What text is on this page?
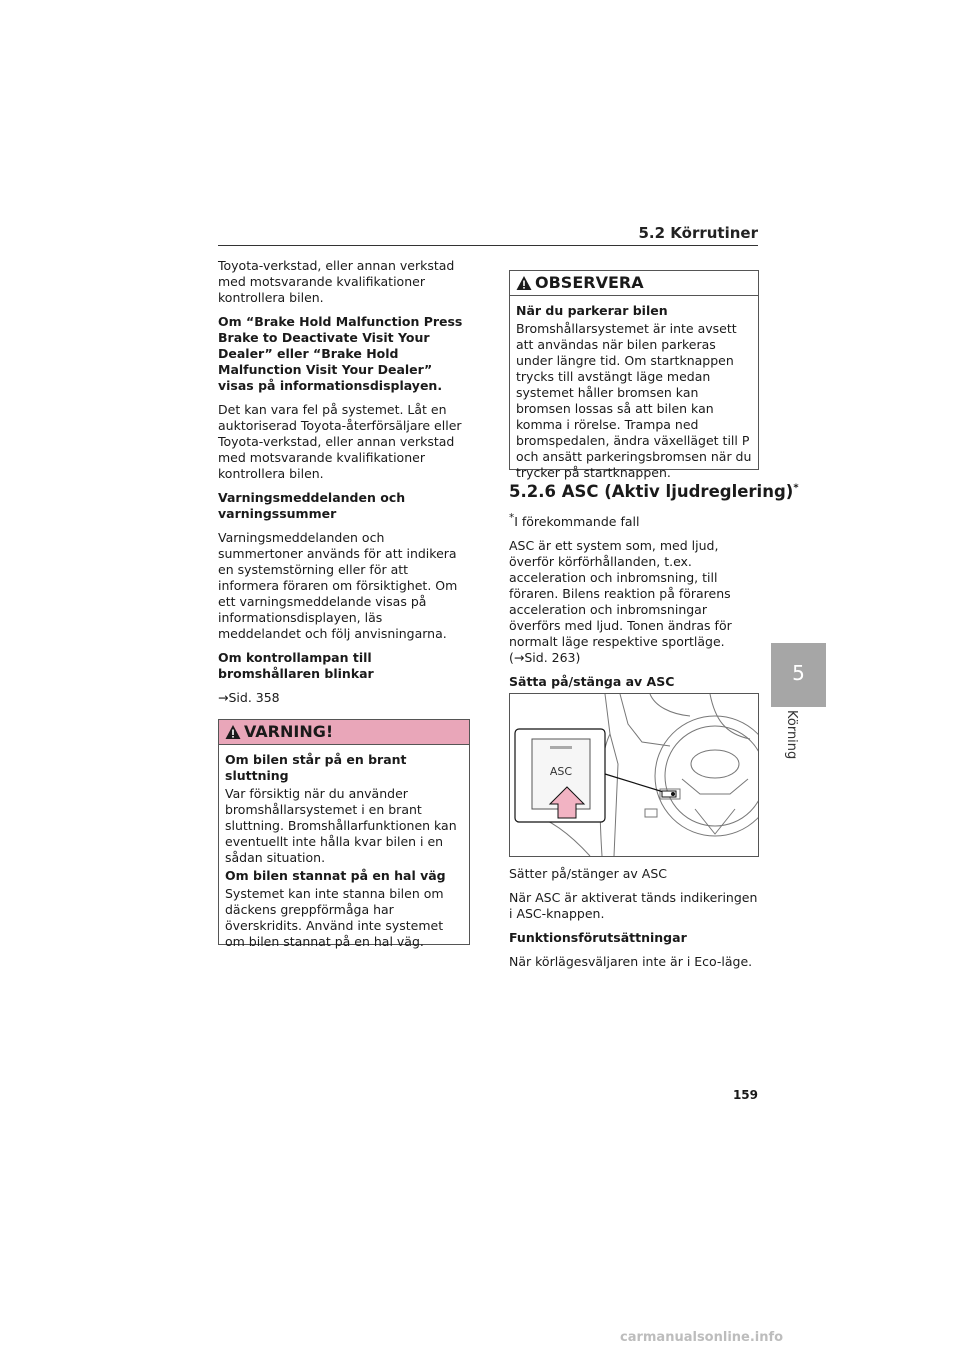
5.2 Körrutiner
5
Körning

Toyota-verkstad, eller annan verkstad med motsvarande kvalifikationer kontrollera bilen.

Om “Brake Hold Malfunction Press Brake to Deactivate Visit Your Dealer” eller “Brake Hold Malfunction Visit Your Dealer” visas på informationsdisplayen.

Det kan vara fel på systemet. Låt en auktoriserad Toyota-återförsäljare eller Toyota-verkstad, eller annan verkstad med motsvarande kvalifikationer kontrollera bilen.

Varningsmeddelanden och varningssummer

Varningsmeddelanden och summertoner används för att indikera en systemstörning eller för att informera föraren om försiktighet. Om ett varningsmeddelande visas på informationsdisplayen, läs meddelandet och följ anvisningarna.

Om kontrollampan till bromshållaren blinkar

→Sid. 358

VARNING!

Om bilen står på en brant sluttning

Var försiktig när du använder bromshållarsystemet i en brant sluttning. Bromshållarfunktionen kan eventuellt inte hålla kvar bilen i en sådan situation.

Om bilen stannat på en hal väg

Systemet kan inte stanna bilen om däckens greppförmåga har överskridits. Använd inte systemet om bilen stannat på en hal väg.

OBSERVERA

När du parkerar bilen

Bromshållarsystemet är inte avsett att användas när bilen parkeras under längre tid. Om startknappen trycks till avstängt läge medan systemet håller bromsen kan bromsen lossas så att bilen kan komma i rörelse. Trampa ned bromspedalen, ändra växelläget till P och ansätt parkeringsbromsen när du trycker på startknappen.

5.2.6 ASC (Aktiv ljudreglering)*

*I förekommande fall

ASC är ett system som, med ljud, överför körförhållanden, t.ex. acceleration och inbromsning, till föraren. Bilens reaktion på förarens acceleration och inbromsningar överförs med ljud. Tonen ändras för normalt läge respektive sportläge. (→Sid. 263)

Sätta på/stänga av ASC

ASC

Sätter på/stänger av ASC

När ASC är aktiverat tänds indikeringen i ASC-knappen.

Funktionsförutsättningar

När körlägesväljaren inte är i Eco-läge.

159
carmanualsonline.info
